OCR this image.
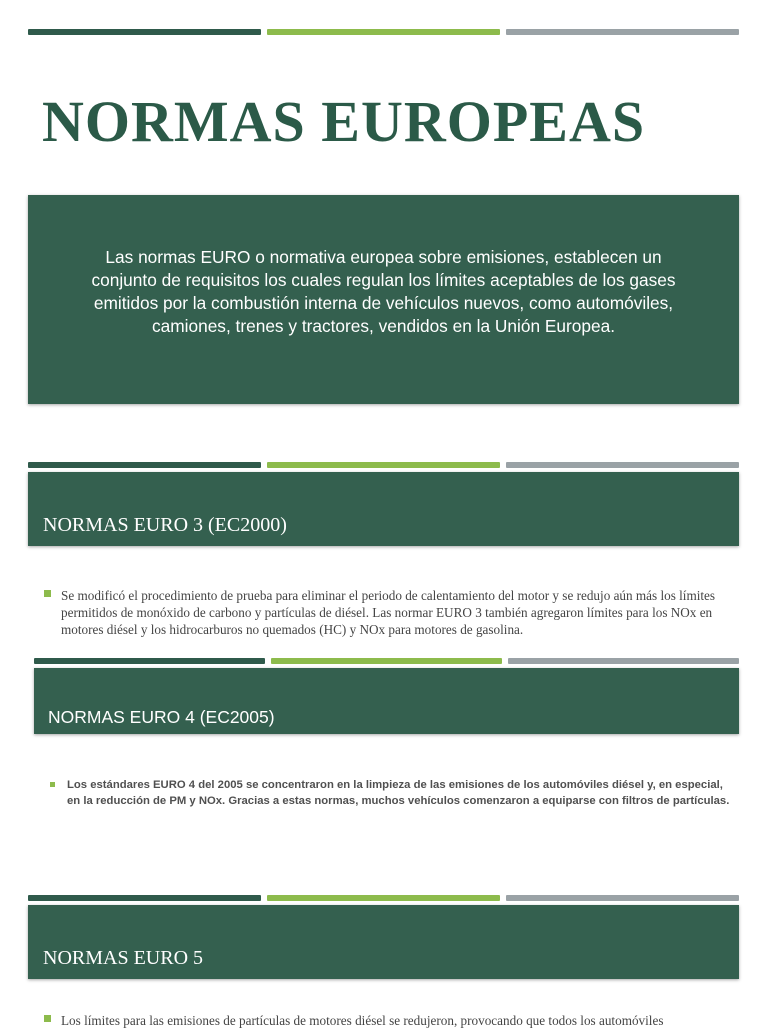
NORMAS EUROPEAS

Las normas EURO o normativa europea sobre emisiones, establecen un conjunto de requisitos los cuales regulan los límites aceptables de los gases emitidos por la combustión interna de vehículos nuevos, como automóviles, camiones, trenes y tractores, vendidos en la Unión Europea.

NORMAS EURO 3 (EC2000)

Se modificó el procedimiento de prueba para eliminar el periodo de calentamiento del motor y se redujo aún más los límites permitidos de monóxido de carbono y partículas de diésel. Las normar EURO 3 también agregaron límites para los NOx en motores diésel y los hidrocarburos no quemados (HC) y NOx para motores de gasolina.

NORMAS EURO 4 (EC2005)

Los estándares EURO 4 del 2005 se concentraron en la limpieza de las emisiones de los automóviles diésel y, en especial, en la reducción de PM y NOx. Gracias a estas normas, muchos vehículos comenzaron a equiparse con filtros de partículas.

NORMAS EURO 5

Los límites para las emisiones de partículas de motores diésel se redujeron, provocando que todos los automóviles
